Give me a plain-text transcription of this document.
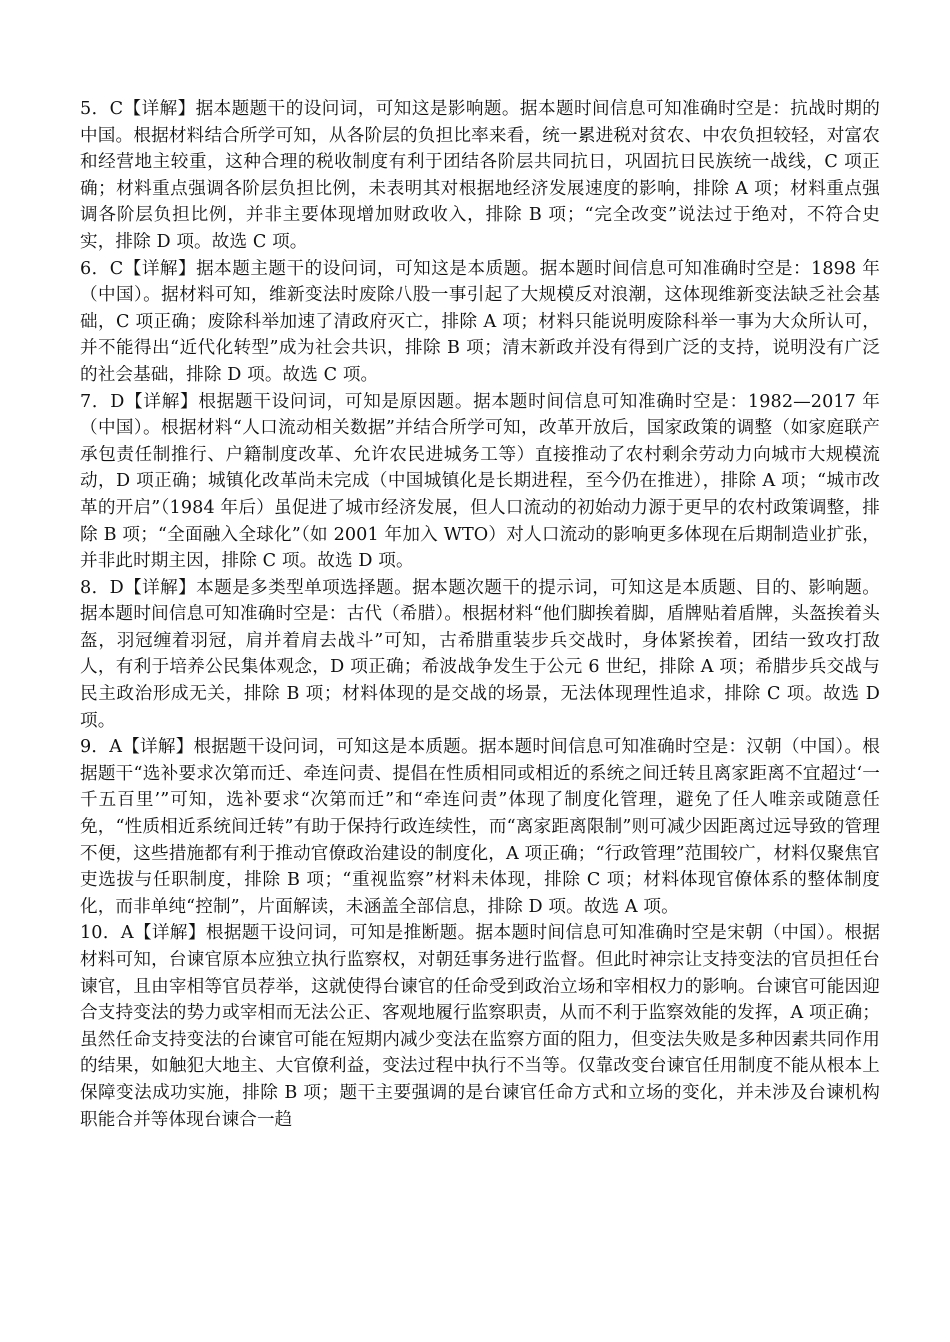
5．C【详解】据本题题干的设问词，可知这是影响题。据本题时间信息可知准确时空是：抗战时期的中国。根据材料结合所学可知，从各阶层的负担比率来看，统一累进税对贫农、中农负担较轻，对富农和经营地主较重，这种合理的税收制度有利于团结各阶层共同抗日，巩固抗日民族统一战线，C 项正确；材料重点强调各阶层负担比例，未表明其对根据地经济发展速度的影响，排除 A 项；材料重点强调各阶层负担比例，并非主要体现增加财政收入，排除 B 项；“完全改变”说法过于绝对，不符合史实，排除 D 项。故选 C 项。

6．C【详解】据本题主题干的设问词，可知这是本质题。据本题时间信息可知准确时空是：1898 年（中国）。据材料可知，维新变法时废除八股一事引起了大规模反对浪潮，这体现维新变法缺乏社会基础，C 项正确；废除科举加速了清政府灭亡，排除 A 项；材料只能说明废除科举一事为大众所认可，并不能得出“近代化转型”成为社会共识，排除 B 项；清末新政并没有得到广泛的支持，说明没有广泛的社会基础，排除 D 项。故选 C 项。

7．D【详解】根据题干设问词，可知是原因题。据本题时间信息可知准确时空是：1982—2017 年（中国）。根据材料“人口流动相关数据”并结合所学可知，改革开放后，国家政策的调整（如家庭联产承包责任制推行、户籍制度改革、允许农民进城务工等）直接推动了农村剩余劳动力向城市大规模流动，D 项正确；城镇化改革尚未完成（中国城镇化是长期进程，至今仍在推进），排除 A 项；“城市改革的开启”（1984 年后）虽促进了城市经济发展，但人口流动的初始动力源于更早的农村政策调整，排除 B 项；“全面融入全球化”（如 2001 年加入 WTO）对人口流动的影响更多体现在后期制造业扩张，并非此时期主因，排除 C 项。故选 D 项。

8．D【详解】本题是多类型单项选择题。据本题次题干的提示词，可知这是本质题、目的、影响题。据本题时间信息可知准确时空是：古代（希腊）。根据材料“他们脚挨着脚，盾牌贴着盾牌，头盔挨着头盔，羽冠缠着羽冠，肩并着肩去战斗”可知，古希腊重装步兵交战时，身体紧挨着，团结一致攻打敌人，有利于培养公民集体观念，D 项正确；希波战争发生于公元 6 世纪，排除 A 项；希腊步兵交战与民主政治形成无关，排除 B 项；材料体现的是交战的场景，无法体现理性追求，排除 C 项。故选 D 项。

9．A【详解】根据题干设问词，可知这是本质题。据本题时间信息可知准确时空是：汉朝（中国）。根据题干“选补要求次第而迁、牵连问责、提倡在性质相同或相近的系统之间迁转且离家距离不宜超过‘一千五百里’”可知，选补要求“次第而迁”和“牵连问责”体现了制度化管理，避免了任人唯亲或随意任免，“性质相近系统间迁转”有助于保持行政连续性，而“离家距离限制”则可减少因距离过远导致的管理不便，这些措施都有利于推动官僚政治建设的制度化，A 项正确；“行政管理”范围较广，材料仅聚焦官吏选拔与任职制度，排除 B 项；“重视监察”材料未体现，排除 C 项；材料体现官僚体系的整体制度化，而非单纯“控制”，片面解读，未涵盖全部信息，排除 D 项。故选 A 项。

10．A【详解】根据题干设问词，可知是推断题。据本题时间信息可知准确时空是宋朝（中国）。根据材料可知，台谏官原本应独立执行监察权，对朝廷事务进行监督。但此时神宗让支持变法的官员担任台谏官，且由宰相等官员荐举，这就使得台谏官的任命受到政治立场和宰相权力的影响。台谏官可能因迎合支持变法的势力或宰相而无法公正、客观地履行监察职责，从而不利于监察效能的发挥，A 项正确；虽然任命支持变法的台谏官可能在短期内减少变法在监察方面的阻力，但变法失败是多种因素共同作用的结果，如触犯大地主、大官僚利益，变法过程中执行不当等。仅靠改变台谏官任用制度不能从根本上保障变法成功实施，排除 B 项；题干主要强调的是台谏官任命方式和立场的变化，并未涉及台谏机构职能合并等体现台谏合一趋
